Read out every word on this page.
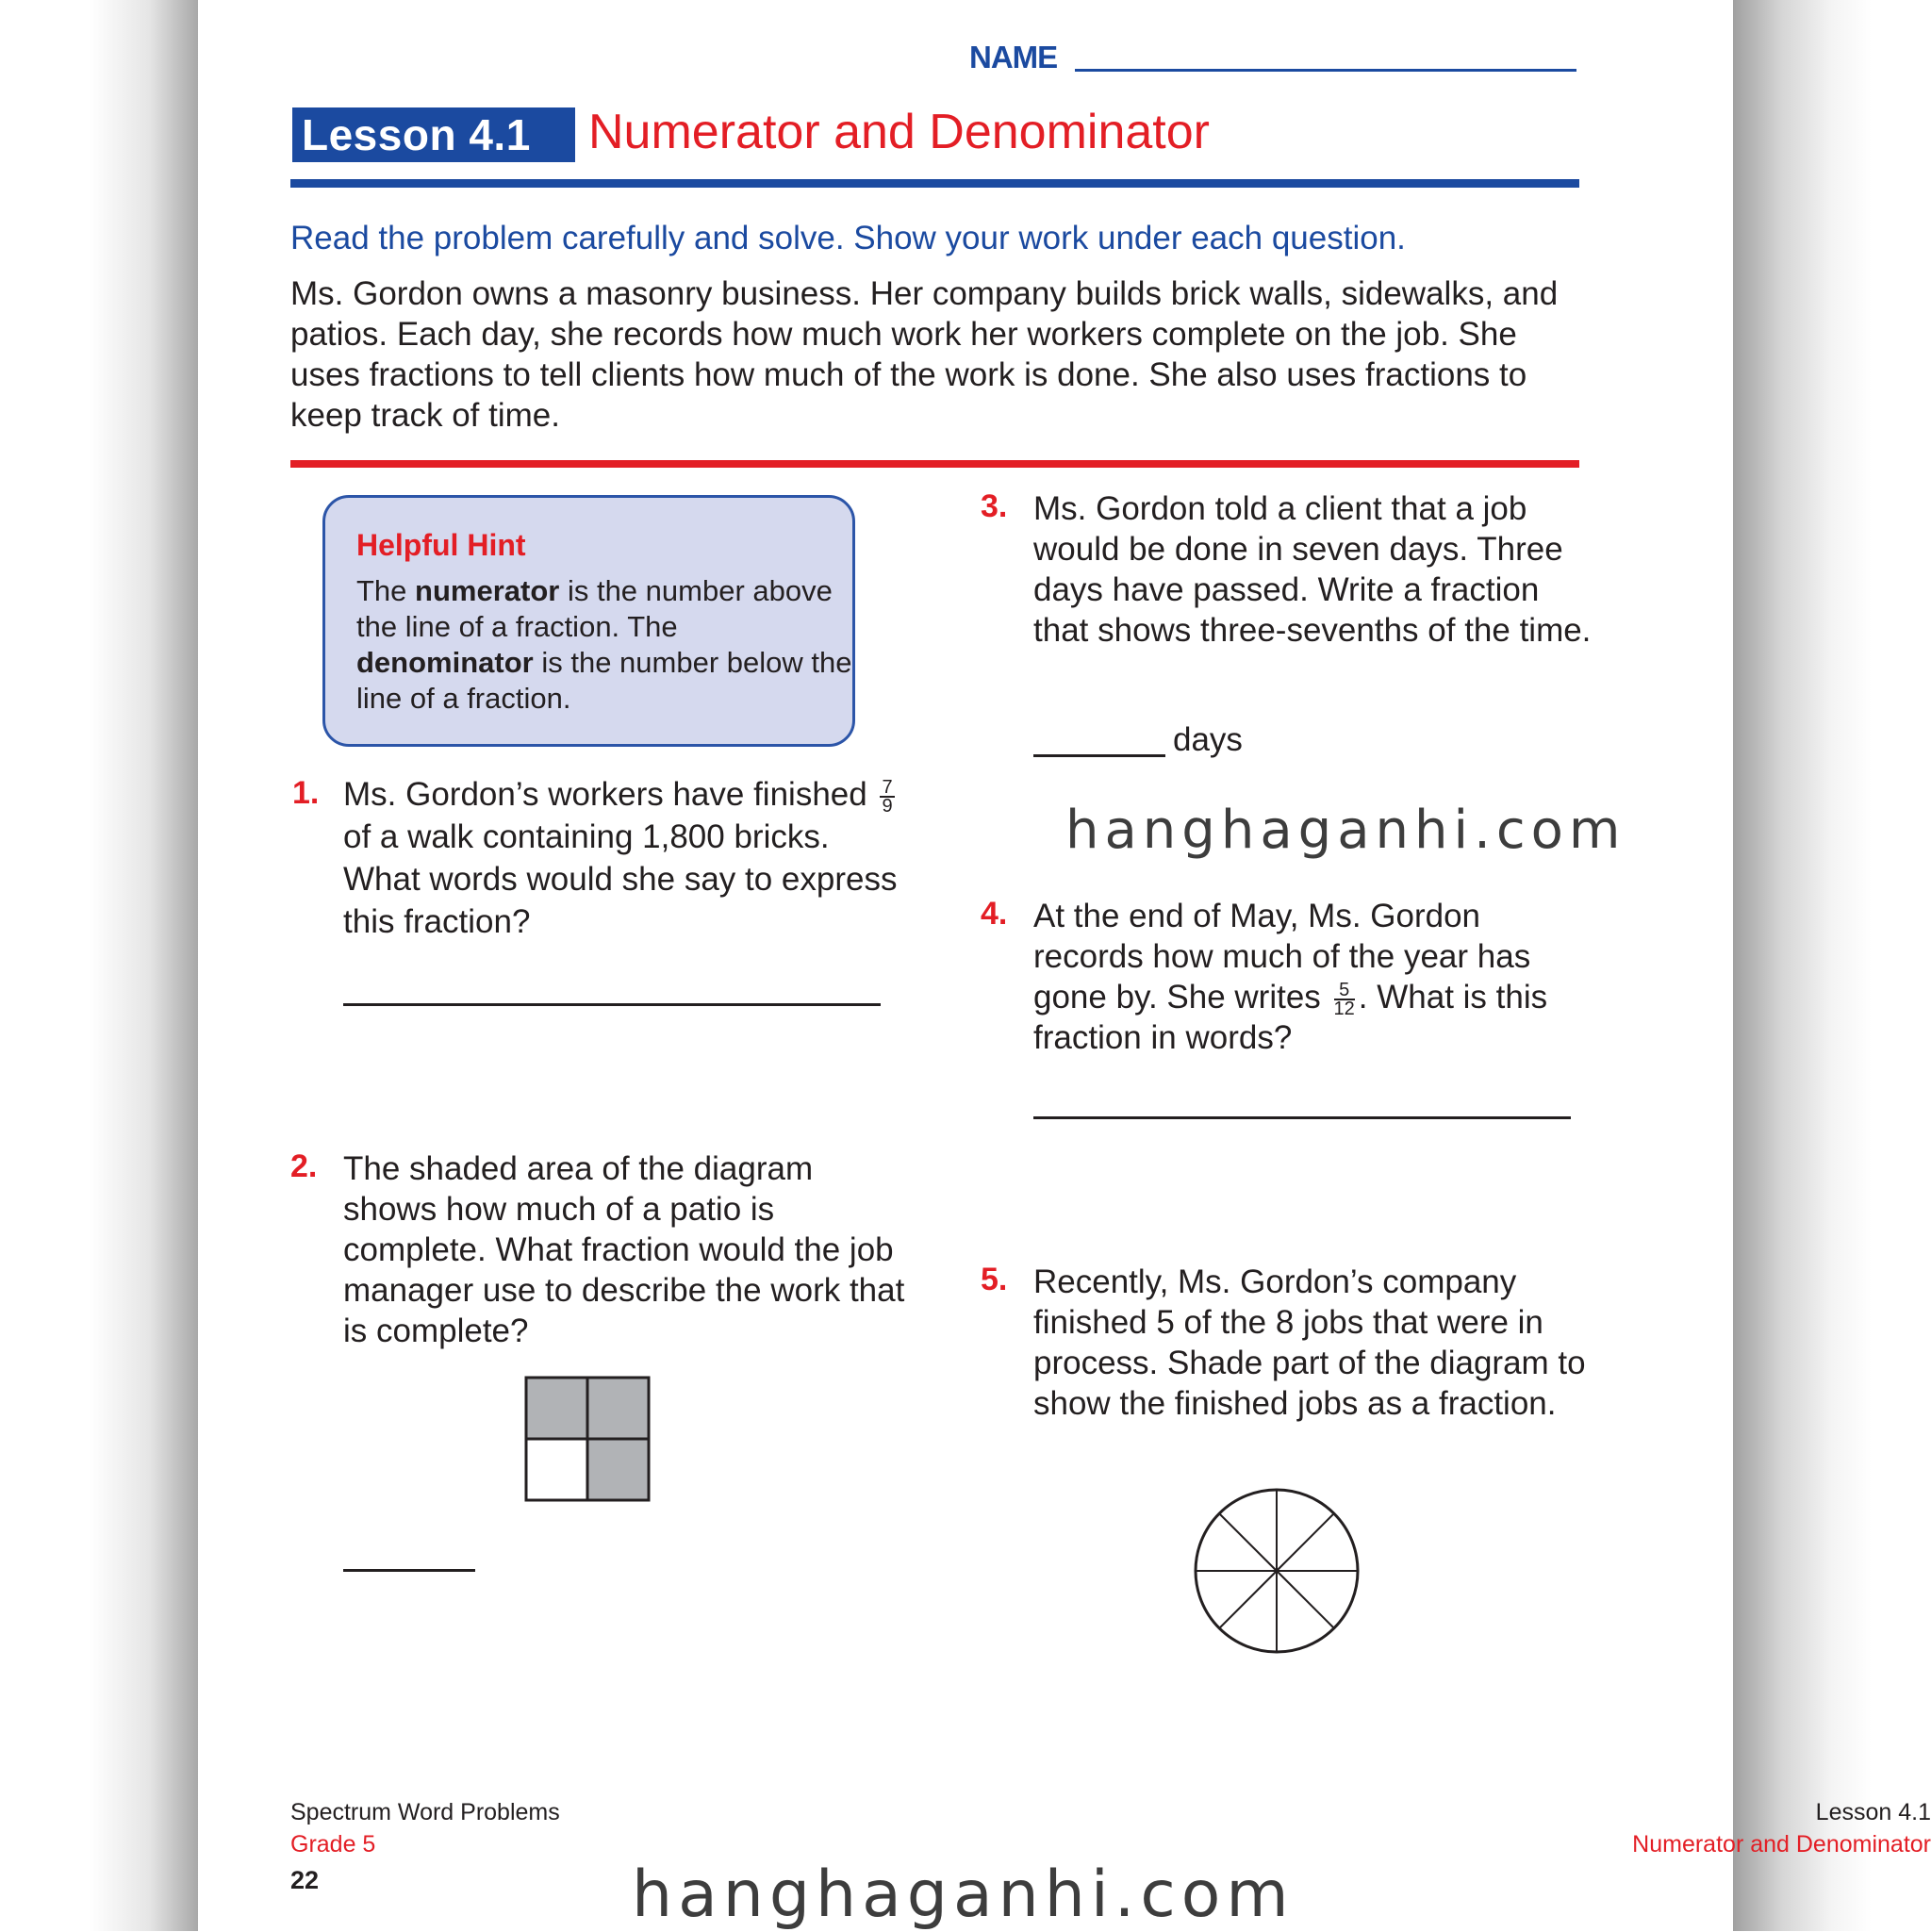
NAME
Lesson 4.1	Numerator and Denominator
Read the problem carefully and solve. Show your work under each question.
Ms. Gordon owns a masonry business. Her company builds brick walls, sidewalks, and patios. Each day, she records how much work her workers complete on the job. She uses fractions to tell clients how much of the work is done. She also uses fractions to keep track of time.
Helpful Hint
The numerator is the number above the line of a fraction. The denominator is the number below the line of a fraction.
1. Ms. Gordon’s workers have finished $\frac{7}{9}$
of a walk containing 1,800 bricks. What words would she say to express this fraction?
2. The shaded area of the diagram shows how much of a patio is complete. What fraction would the job manager use to describe the work that is complete?
3. Ms. Gordon told a client that a job would be done in seven days. Three days have passed. Write a fraction that shows three-sevenths of the time.
days
hanghaganhi.com
4. At the end of May, Ms. Gordon records how much of the year has gone by. She writes $\frac{5}{12}$ . What is this fraction in words?
5. Recently, Ms. Gordon’s company finished 5 of the 8 jobs that were in process. Shade part of the diagram to show the finished jobs as a fraction.
Spectrum Word Problems
Grade 5
22
Lesson 4.1
Numerator and Denominator
hanghaganhi.com
